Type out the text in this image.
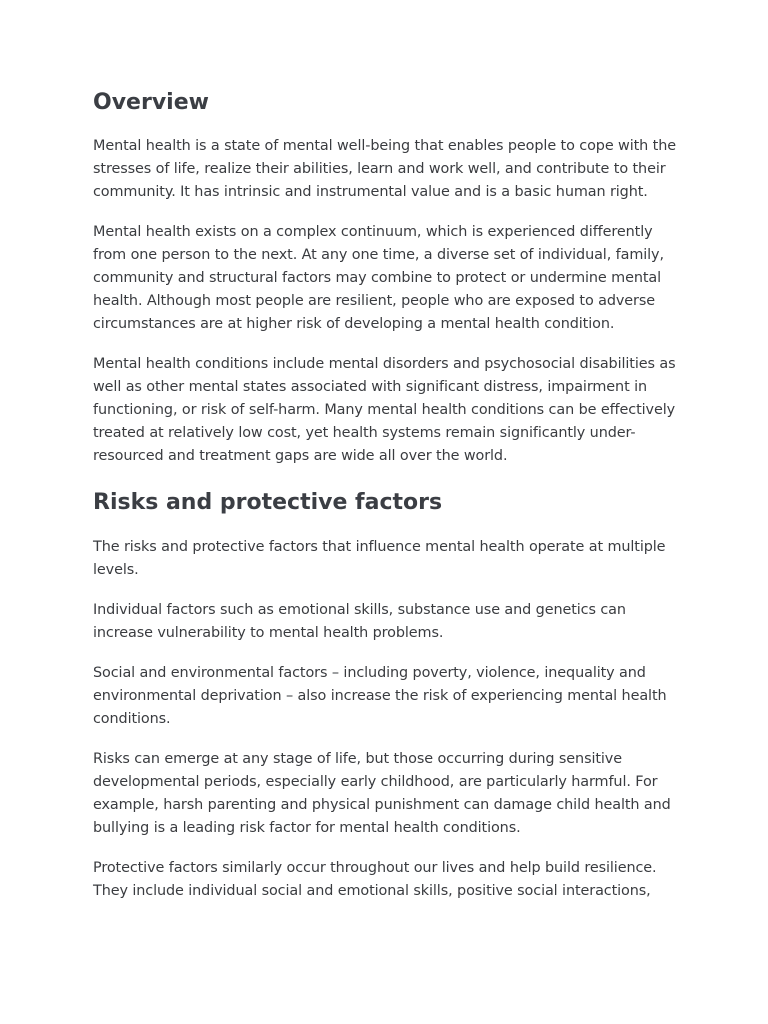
Overview

Mental health is a state of mental well-being that enables people to cope with the stresses of life, realize their abilities, learn and work well, and contribute to their community. It has intrinsic and instrumental value and is a basic human right.

Mental health exists on a complex continuum, which is experienced differently from one person to the next. At any one time, a diverse set of individual, family, community and structural factors may combine to protect or undermine mental health. Although most people are resilient, people who are exposed to adverse circumstances are at higher risk of developing a mental health condition.

Mental health conditions include mental disorders and psychosocial disabilities as well as other mental states associated with significant distress, impairment in functioning, or risk of self-harm. Many mental health conditions can be effectively treated at relatively low cost, yet health systems remain significantly under-resourced and treatment gaps are wide all over the world.

Risks and protective factors

The risks and protective factors that influence mental health operate at multiple levels.

Individual factors such as emotional skills, substance use and genetics can increase vulnerability to mental health problems.

Social and environmental factors – including poverty, violence, inequality and environmental deprivation – also increase the risk of experiencing mental health conditions.

Risks can emerge at any stage of life, but those occurring during sensitive developmental periods, especially early childhood, are particularly harmful. For example, harsh parenting and physical punishment can damage child health and bullying is a leading risk factor for mental health conditions.

Protective factors similarly occur throughout our lives and help build resilience. They include individual social and emotional skills, positive social interactions,
